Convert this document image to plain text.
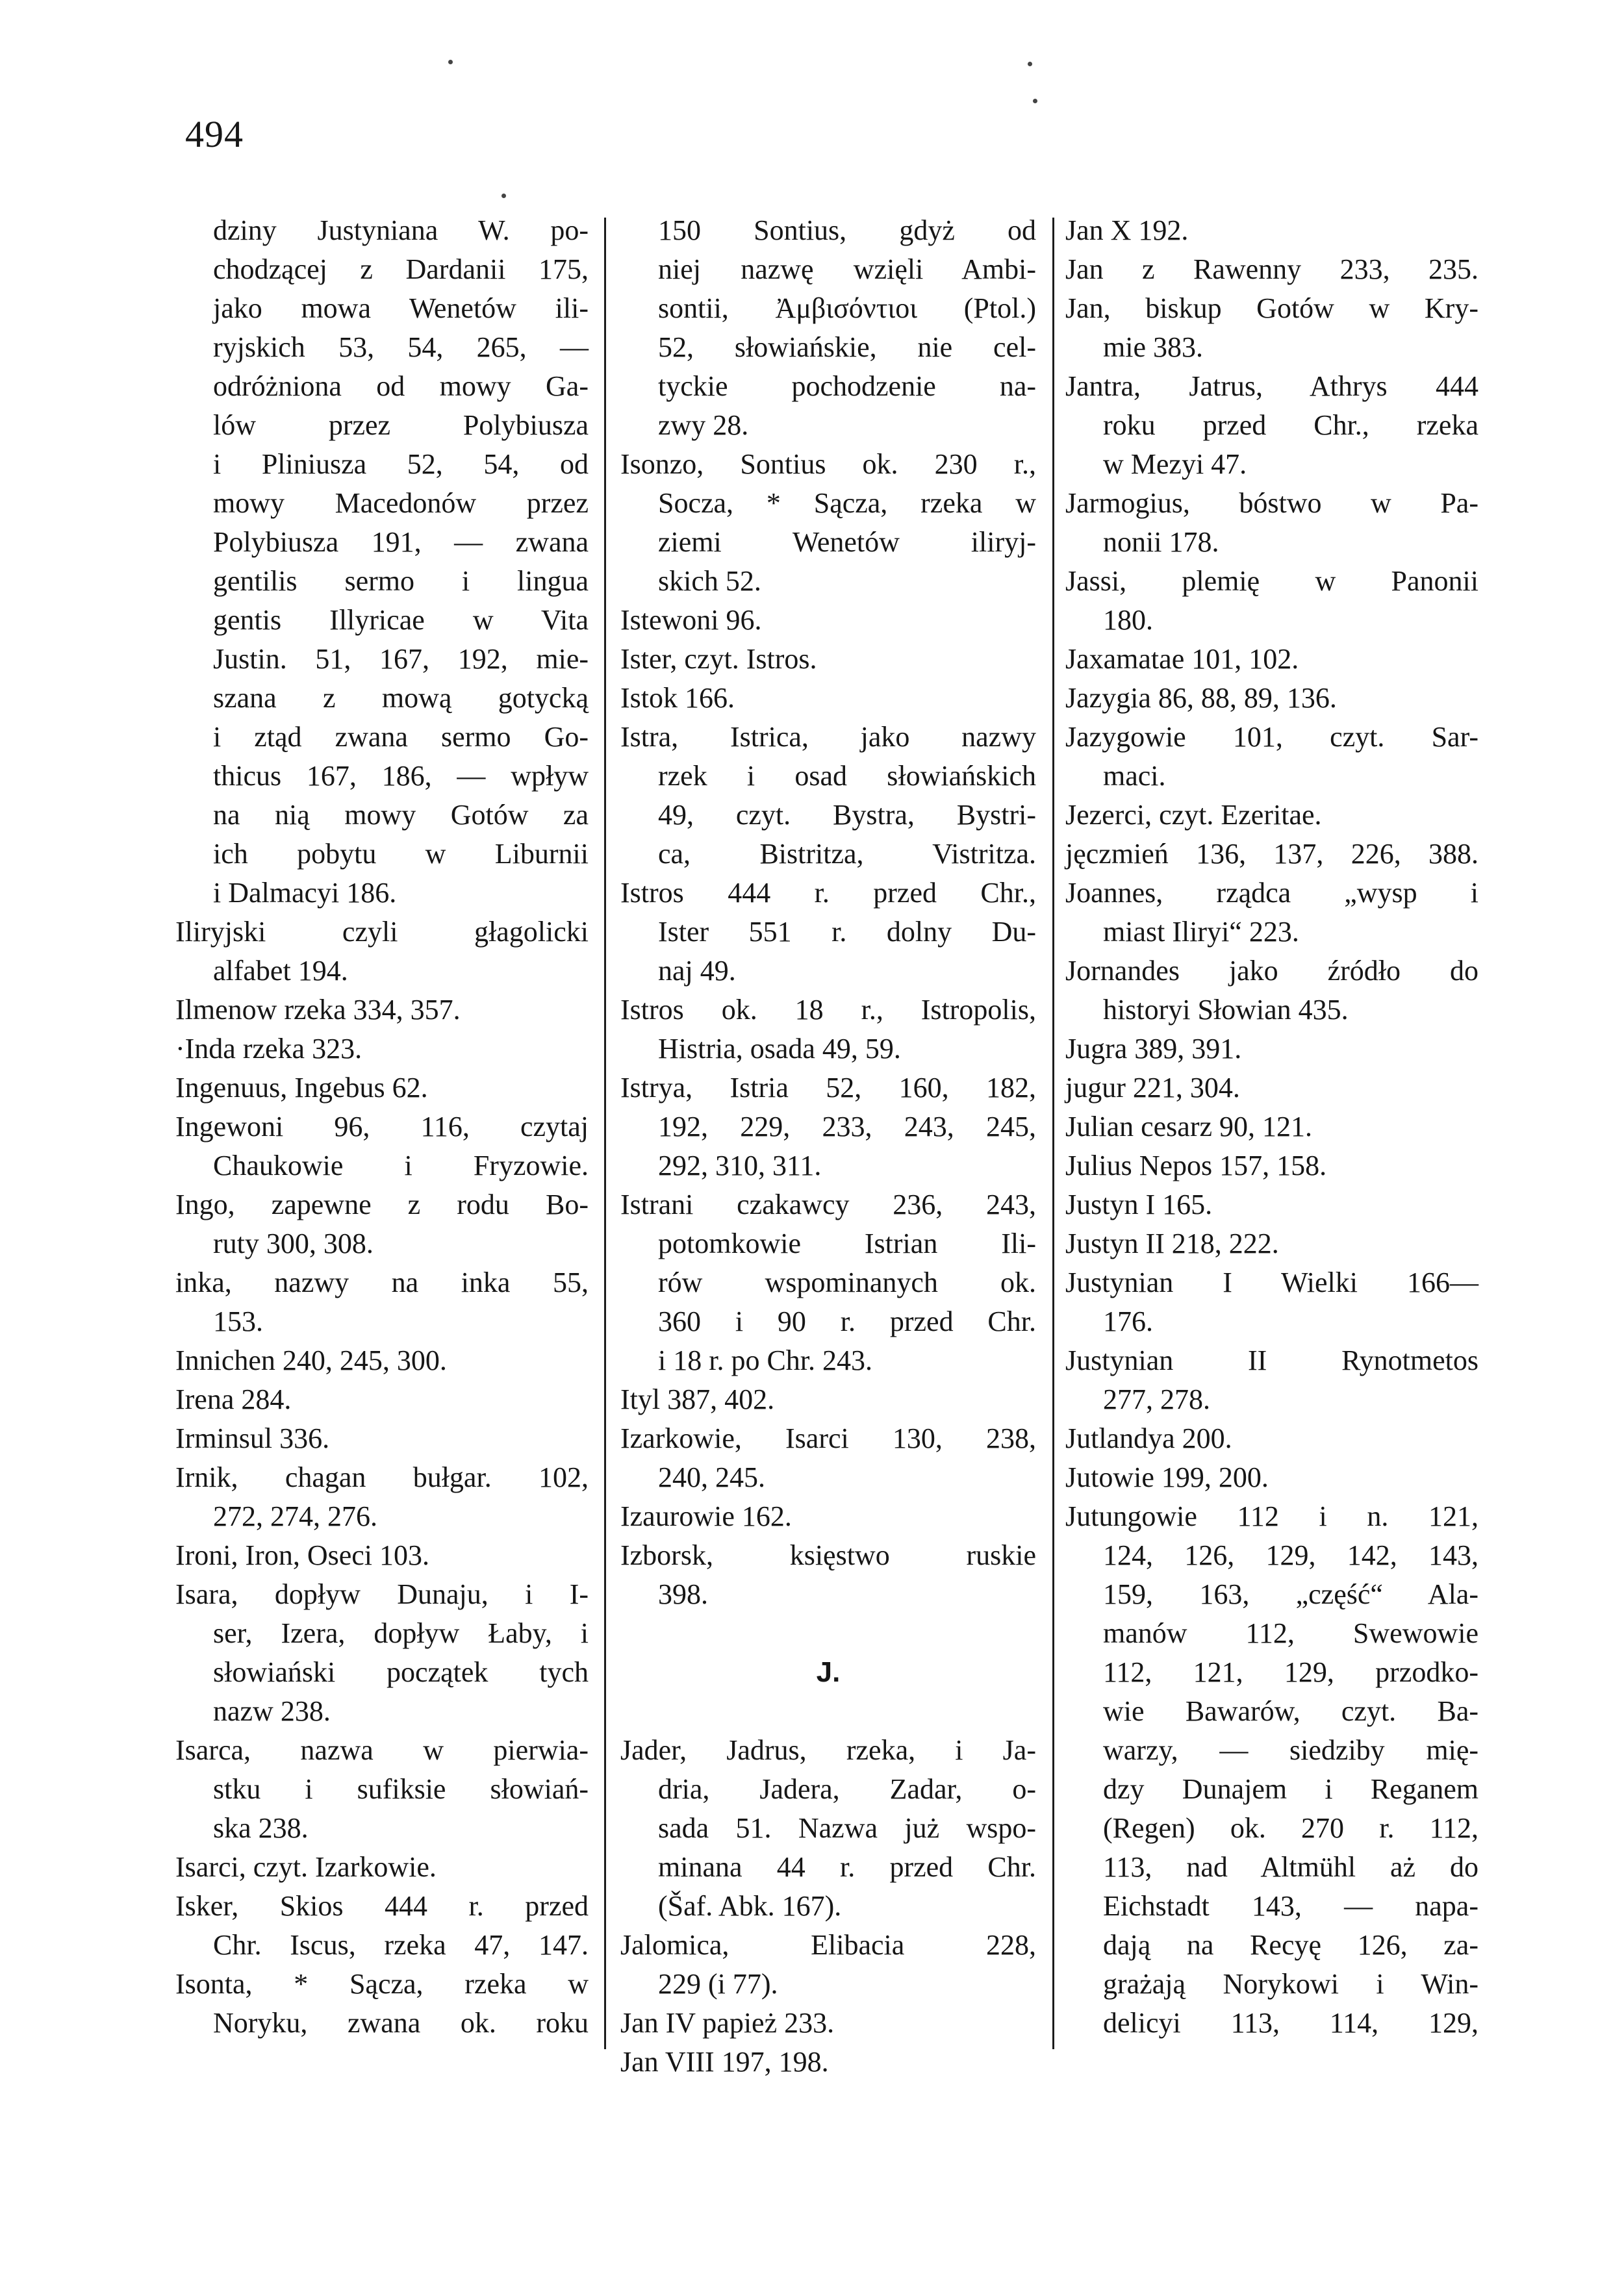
494
dziny Justyniana W. po-
chodzącej z Dardanii 175,
jako mowa Wenetów ili-
ryjskich 53, 54, 265, —
odróżniona od mowy Ga-
lów przez Polybiusza
i Pliniusza 52, 54, od
mowy Macedonów przez
Polybiusza 191, — zwana
gentilis sermo i lingua
gentis Illyricae w Vita
Justin. 51, 167, 192, mie-
szana z mową gotycką
i ztąd zwana sermo Go-
thicus 167, 186, — wpływ
na nią mowy Gotów za
ich pobytu w Liburnii
i Dalmacyi 186.
Iliryjski czyli głagolicki
alfabet 194.
Ilmenow rzeka 334, 357.
·Inda rzeka 323.
Ingenuus, Ingebus 62.
Ingewoni 96, 116, czytaj
Chaukowie i Fryzowie.
Ingo, zapewne z rodu Bo-
ruty 300, 308.
inka, nazwy na inka 55,
153.
Innichen 240, 245, 300.
Irena 284.
Irminsul 336.
Irnik, chagan bułgar. 102,
272, 274, 276.
Ironi, Iron, Oseci 103.
Isara, dopływ Dunaju, i I-
ser, Izera, dopływ Łaby, i
słowiański początek tych
nazw 238.
Isarca, nazwa w pierwia-
stku i sufiksie słowiań-
ska 238.
Isarci, czyt. Izarkowie.
Isker, Skios 444 r. przed
Chr. Iscus, rzeka 47, 147.
Isonta, * Sącza, rzeka w
Noryku, zwana ok. roku
150 Sontius, gdyż od
niej nazwę wzięli Ambi-
sontii, Ἀμβισόντιοι (Ptol.)
52, słowiańskie, nie cel-
tyckie pochodzenie na-
zwy 28.
Isonzo, Sontius ok. 230 r.,
Socza, * Sącza, rzeka w
ziemi Wenetów iliryj-
skich 52.
Istewoni 96.
Ister, czyt. Istros.
Istok 166.
Istra, Istrica, jako nazwy
rzek i osad słowiańskich
49, czyt. Bystra, Bystri-
ca, Bistritza, Vistritza.
Istros 444 r. przed Chr.,
Ister 551 r. dolny Du-
naj 49.
Istros ok. 18 r., Istropolis,
Histria, osada 49, 59.
Istrya, Istria 52, 160, 182,
192, 229, 233, 243, 245,
292, 310, 311.
Istrani czakawcy 236, 243,
potomkowie Istrian Ili-
rów wspominanych ok.
360 i 90 r. przed Chr.
i 18 r. po Chr. 243.
Ityl 387, 402.
Izarkowie, Isarci 130, 238,
240, 245.
Izaurowie 162.
Izborsk, księstwo ruskie
398.
J.
Jader, Jadrus, rzeka, i Ja-
dria, Jadera, Zadar, o-
sada 51. Nazwa już wspo-
minana 44 r. przed Chr.
(Šaf. Abk. 167).
Jalomica, Elibacia 228,
229 (i 77).
Jan IV papież 233.
Jan VIII 197, 198.
Jan X 192.
Jan z Rawenny 233, 235.
Jan, biskup Gotów w Kry-
mie 383.
Jantra, Jatrus, Athrys 444
roku przed Chr., rzeka
w Mezyi 47.
Jarmogius, bóstwo w Pa-
nonii 178.
Jassi, plemię w Panonii
180.
Jaxamatae 101, 102.
Jazygia 86, 88, 89, 136.
Jazygowie 101, czyt. Sar-
maci.
Jezerci, czyt. Ezeritae.
jęczmień 136, 137, 226, 388.
Joannes, rządca „wysp i
miast Iliryi“ 223.
Jornandes jako źródło do
historyi Słowian 435.
Jugra 389, 391.
jugur 221, 304.
Julian cesarz 90, 121.
Julius Nepos 157, 158.
Justyn I 165.
Justyn II 218, 222.
Justynian I Wielki 166—
176.
Justynian II Rynotmetos
277, 278.
Jutlandya 200.
Jutowie 199, 200.
Jutungowie 112 i n. 121,
124, 126, 129, 142, 143,
159, 163, „część“ Ala-
manów 112, Swewowie
112, 121, 129, przodko-
wie Bawarów, czyt. Ba-
warzy, — siedziby mię-
dzy Dunajem i Reganem
(Regen) ok. 270 r. 112,
113, nad Altmühl aż do
Eichstadt 143, — napa-
dają na Recyę 126, za-
grażają Norykowi i Win-
delicyi 113, 114, 129,
